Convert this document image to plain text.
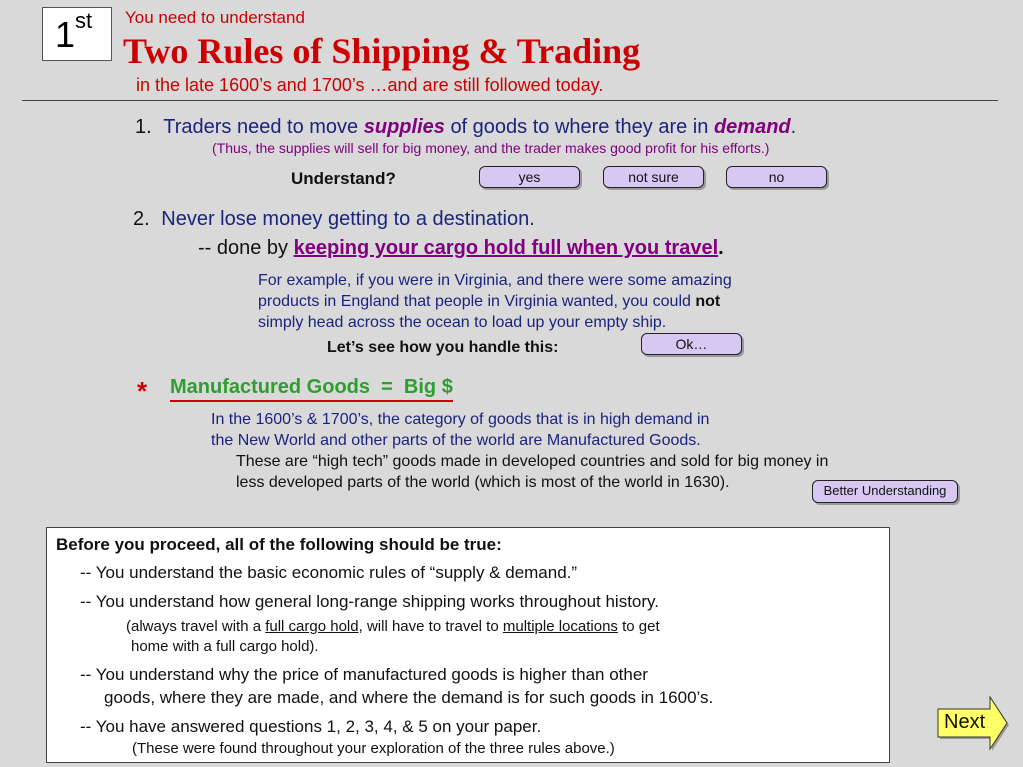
1st	You need to understand
Two Rules of Shipping & Trading
in the late 1600’s and 1700’s …and are still followed today.
1. Traders need to move supplies of goods to where they are in demand.
(Thus, the supplies will sell for big money, and the trader makes good profit for his efforts.)
Understand?	yes	not sure	no
2. Never lose money getting to a destination.
-- done by keeping your cargo hold full when you travel.
For example, if you were in Virginia, and there were some amazing
products in England that people in Virginia wanted, you could not
simply head across the ocean to load up your empty ship.
Let’s see how you handle this:	Ok…
* Manufactured Goods  =  Big $
In the 1600’s & 1700’s, the category of goods that is in high demand in
the New World and other parts of the world are Manufactured Goods.
These are “high tech” goods made in developed countries and sold for big money in
less developed parts of the world (which is most of the world in 1630).	Better Understanding
Before you proceed, all of the following should be true:
-- You understand the basic economic rules of “supply & demand.”
-- You understand how general long-range shipping works throughout history.
(always travel with a full cargo hold, will have to travel to multiple locations to get
home with a full cargo hold).
-- You understand why the price of manufactured goods is higher than other
goods, where they are made, and where the demand is for such goods in 1600’s.
-- You have answered questions 1, 2, 3, 4, & 5 on your paper.
(These were found throughout your exploration of the three rules above.)
Next
